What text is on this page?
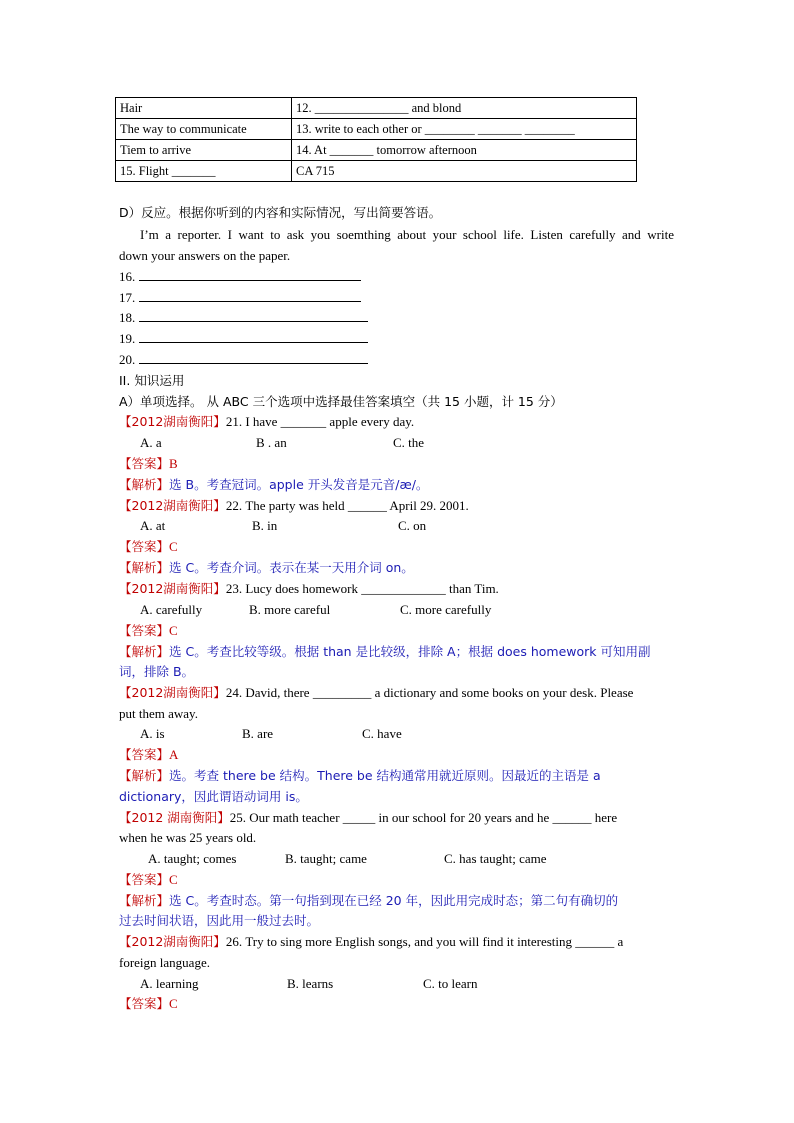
Hair	12. _______________ and blond
The way to communicate	13. write to each other or ________ _______ ________
Tiem to arrive	14. At _______ tomorrow afternoon
15. Flight _______	CA 715
D）反应。根据你听到的内容和实际情况，写出简要答语。
I’m a reporter. I want to ask you soemthing about your school life. Listen carefully and write
down your answers on the paper.
16.
17.
18.
19.
20.
II. 知识运用
A）单项选择。 从 ABC 三个选项中选择最佳答案填空（共 15 小题，计 15 分）
【2012湖南衡阳】21. I have _______ apple every day.
A. a	B . an	C. the
【答案】B
【解析】选 B。考查冠词。apple 开头发音是元音/æ/。
【2012湖南衡阳】22. The party was held ______ April 29. 2001.
A. at	B. in	C. on
【答案】C
【解析】选 C。考查介词。表示在某一天用介词 on。
【2012湖南衡阳】23. Lucy does homework _____________ than Tim.
A. carefully	B. more careful	C. more carefully
【答案】C
【解析】选 C。考查比较等级。根据 than 是比较级，排除 A；根据 does homework 可知用副
词，排除 B。
【2012湖南衡阳】24. David, there _________ a dictionary and some books on your desk. Please
put them away.
A. is	B. are	C. have
【答案】A
【解析】选。考查 there be 结构。There be 结构通常用就近原则。因最近的主语是 a
dictionary，因此谓语动词用 is。
【2012 湖南衡阳】25. Our math teacher _____ in our school for 20 years and he ______ here
when he was 25 years old.
A. taught; comes	B. taught; came	C. has taught; came
【答案】C
【解析】选 C。考查时态。第一句指到现在已经 20 年，因此用完成时态；第二句有确切的
过去时间状语，因此用一般过去时。
【2012湖南衡阳】26. Try to sing more English songs, and you will find it interesting ______ a
foreign language.
A. learning	B. learns	C. to learn
【答案】C
